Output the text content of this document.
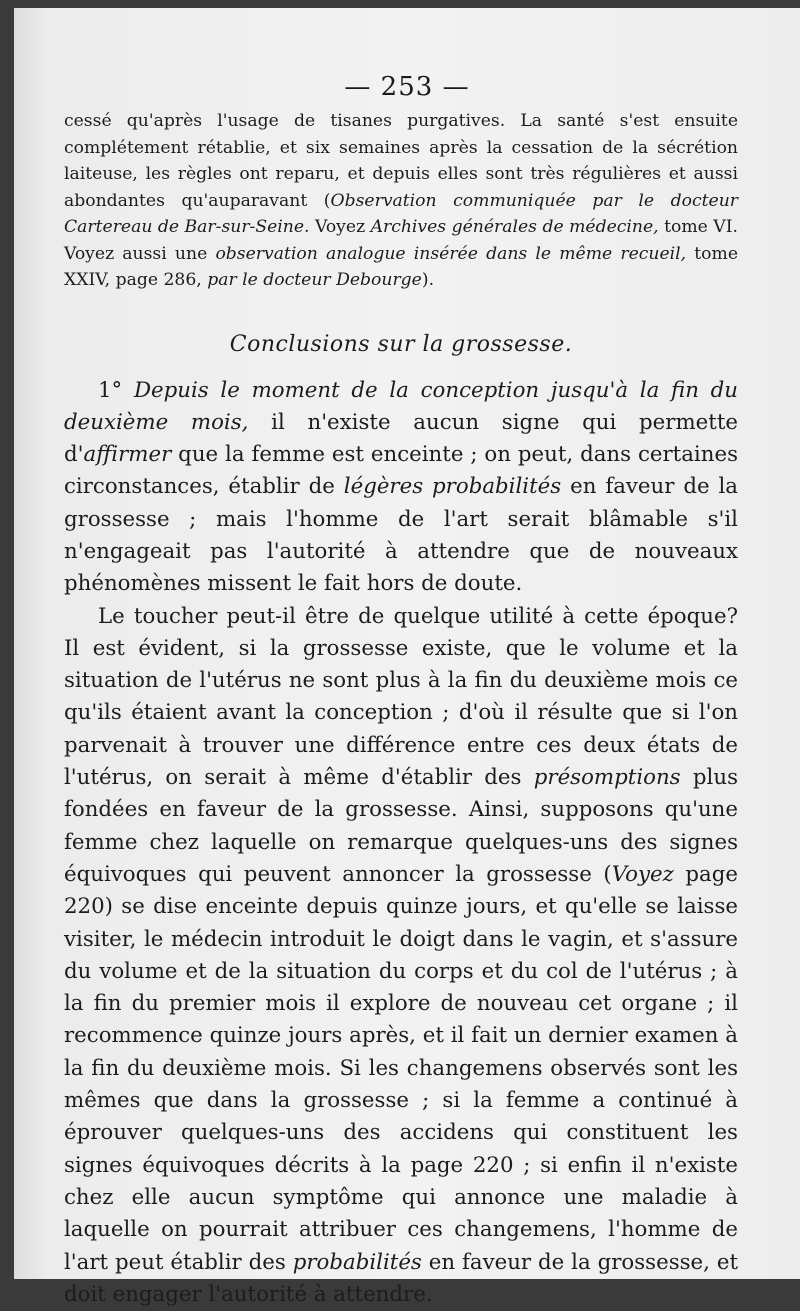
— 253 —

cessé qu'après l'usage de tisanes purgatives. La santé s'est ensuite complétement rétablie, et six semaines après la cessation de la sécrétion laiteuse, les règles ont reparu, et depuis elles sont très régulières et aussi abondantes qu'auparavant (Observation communiquée par le docteur Cartereau de Bar-sur-Seine. Voyez Archives générales de médecine, tome VI. Voyez aussi une observation analogue insérée dans le même recueil, tome XXIV, page 286, par le docteur Debourge).

Conclusions sur la grossesse.

1° Depuis le moment de la conception jusqu'à la fin du deuxième mois, il n'existe aucun signe qui permette d'affirmer que la femme est enceinte ; on peut, dans certaines circonstances, établir de légères probabilités en faveur de la grossesse ; mais l'homme de l'art serait blâmable s'il n'engageait pas l'autorité à attendre que de nouveaux phénomènes missent le fait hors de doute.

Le toucher peut-il être de quelque utilité à cette époque? Il est évident, si la grossesse existe, que le volume et la situation de l'utérus ne sont plus à la fin du deuxième mois ce qu'ils étaient avant la conception ; d'où il résulte que si l'on parvenait à trouver une différence entre ces deux états de l'utérus, on serait à même d'établir des présomptions plus fondées en faveur de la grossesse. Ainsi, supposons qu'une femme chez laquelle on remarque quelques-uns des signes équivoques qui peuvent annoncer la grossesse (Voyez page 220) se dise enceinte depuis quinze jours, et qu'elle se laisse visiter, le médecin introduit le doigt dans le vagin, et s'assure du volume et de la situation du corps et du col de l'utérus ; à la fin du premier mois il explore de nouveau cet organe ; il recommence quinze jours après, et il fait un dernier examen à la fin du deuxième mois. Si les changemens observés sont les mêmes que dans la grossesse ; si la femme a continué à éprouver quelques-uns des accidens qui constituent les signes équivoques décrits à la page 220 ; si enfin il n'existe chez elle aucun symptôme qui annonce une maladie à laquelle on pourrait attribuer ces changemens, l'homme de l'art peut établir des probabilités en faveur de la grossesse, et doit engager l'autorité à attendre.
